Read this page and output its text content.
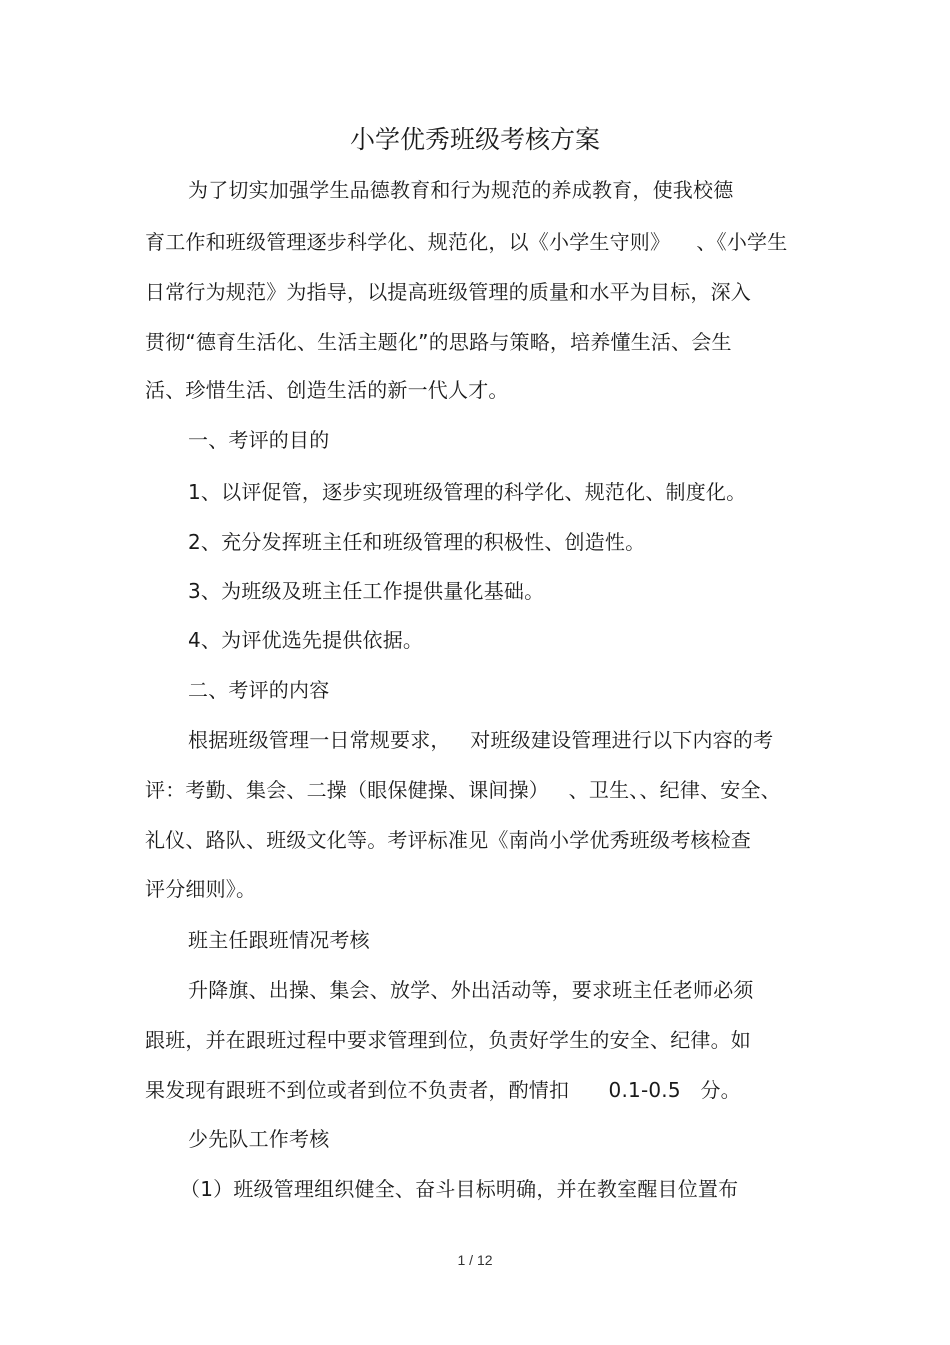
小学优秀班级考核方案
为了切实加强学生品德教育和行为规范的养成教育，使我校德
育工作和班级管理逐步科学化、规范化，以《小学生守则》    、《小学生
日常行为规范》为指导，以提高班级管理的质量和水平为目标，深入
贯彻“德育生活化、生活主题化”的思路与策略，培养懂生活、会生
活、珍惜生活、创造生活的新一代人才。
一、考评的目的
1、以评促管，逐步实现班级管理的科学化、规范化、制度化。
2、充分发挥班主任和班级管理的积极性、创造性。
3、为班级及班主任工作提供量化基础。
4、为评优选先提供依据。
二、考评的内容
根据班级管理一日常规要求，   对班级建设管理进行以下内容的考
评：考勤、集会、二操（眼保健操、课间操）   、卫生、、纪律、安全、
礼仪、路队、班级文化等。考评标准见《南尚小学优秀班级考核检查
评分细则》。
班主任跟班情况考核
升降旗、出操、集会、放学、外出活动等，要求班主任老师必须
跟班，并在跟班过程中要求管理到位，负责好学生的安全、纪律。如
果发现有跟班不到位或者到位不负责者，酌情扣      0.1-0.5   分。
少先队工作考核
（1）班级管理组织健全、奋斗目标明确，并在教室醒目位置布
1 / 12
